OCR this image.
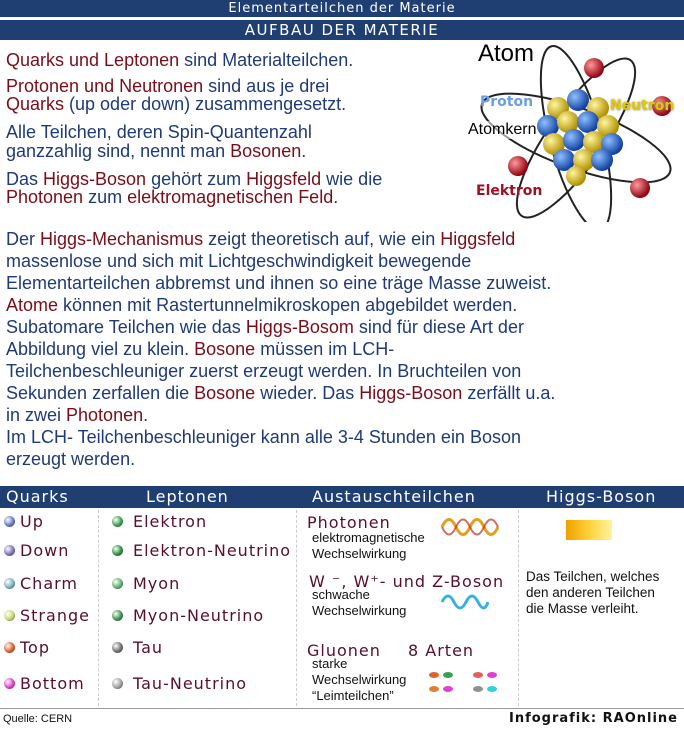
Elementarteilchen der Materie
AUFBAU DER MATERIE
Quarks und Leptonen sind Materialteilchen.
Protonen und Neutronen sind aus je drei
Quarks (up oder down) zusammengesetzt.
Alle Teilchen, deren Spin-Quantenzahl
ganzzahlig sind, nennt man Bosonen.
Das Higgs-Boson gehört zum Higgsfeld wie die
Photonen zum elektromagnetischen Feld.
Atom
Proton	Neutron
Atomkern
Elektron
Der Higgs-Mechanismus zeigt theoretisch auf, wie ein Higgsfeld
massenlose und sich mit Lichtgeschwindigkeit bewegende
Elementarteilchen abbremst und ihnen so eine träge Masse zuweist.
Atome können mit Rastertunnelmikroskopen abgebildet werden.
Subatomare Teilchen wie das Higgs-Bosom sind für diese Art der
Abbildung viel zu klein. Bosone müssen im LCH-
Teilchenbeschleuniger zuerst erzeugt werden. In Bruchteilen von
Sekunden zerfallen die Bosone wieder. Das Higgs-Boson zerfällt u.a.
in zwei Photonen.
Im LCH- Teilchenbeschleuniger kann alle 3-4 Stunden ein Boson
erzeugt werden.
Quarks	Leptonen	Austauschteilchen	Higgs-Boson
Up
Down
Charm
Strange
Top
Bottom
Elektron
Elektron-Neutrino
Myon
Myon-Neutrino
Tau
Tau-Neutrino
Photonen
elektromagnetische
Wechselwirkung
W ⁻, W⁺- und Z-Boson
schwache
Wechselwirkung
Gluonen 8 Arten
starke
Wechselwirkung
“Leimteilchen”
Das Teilchen, welches
den anderen Teilchen
die Masse verleiht.
Quelle: CERN	Infografik: RAOnline
